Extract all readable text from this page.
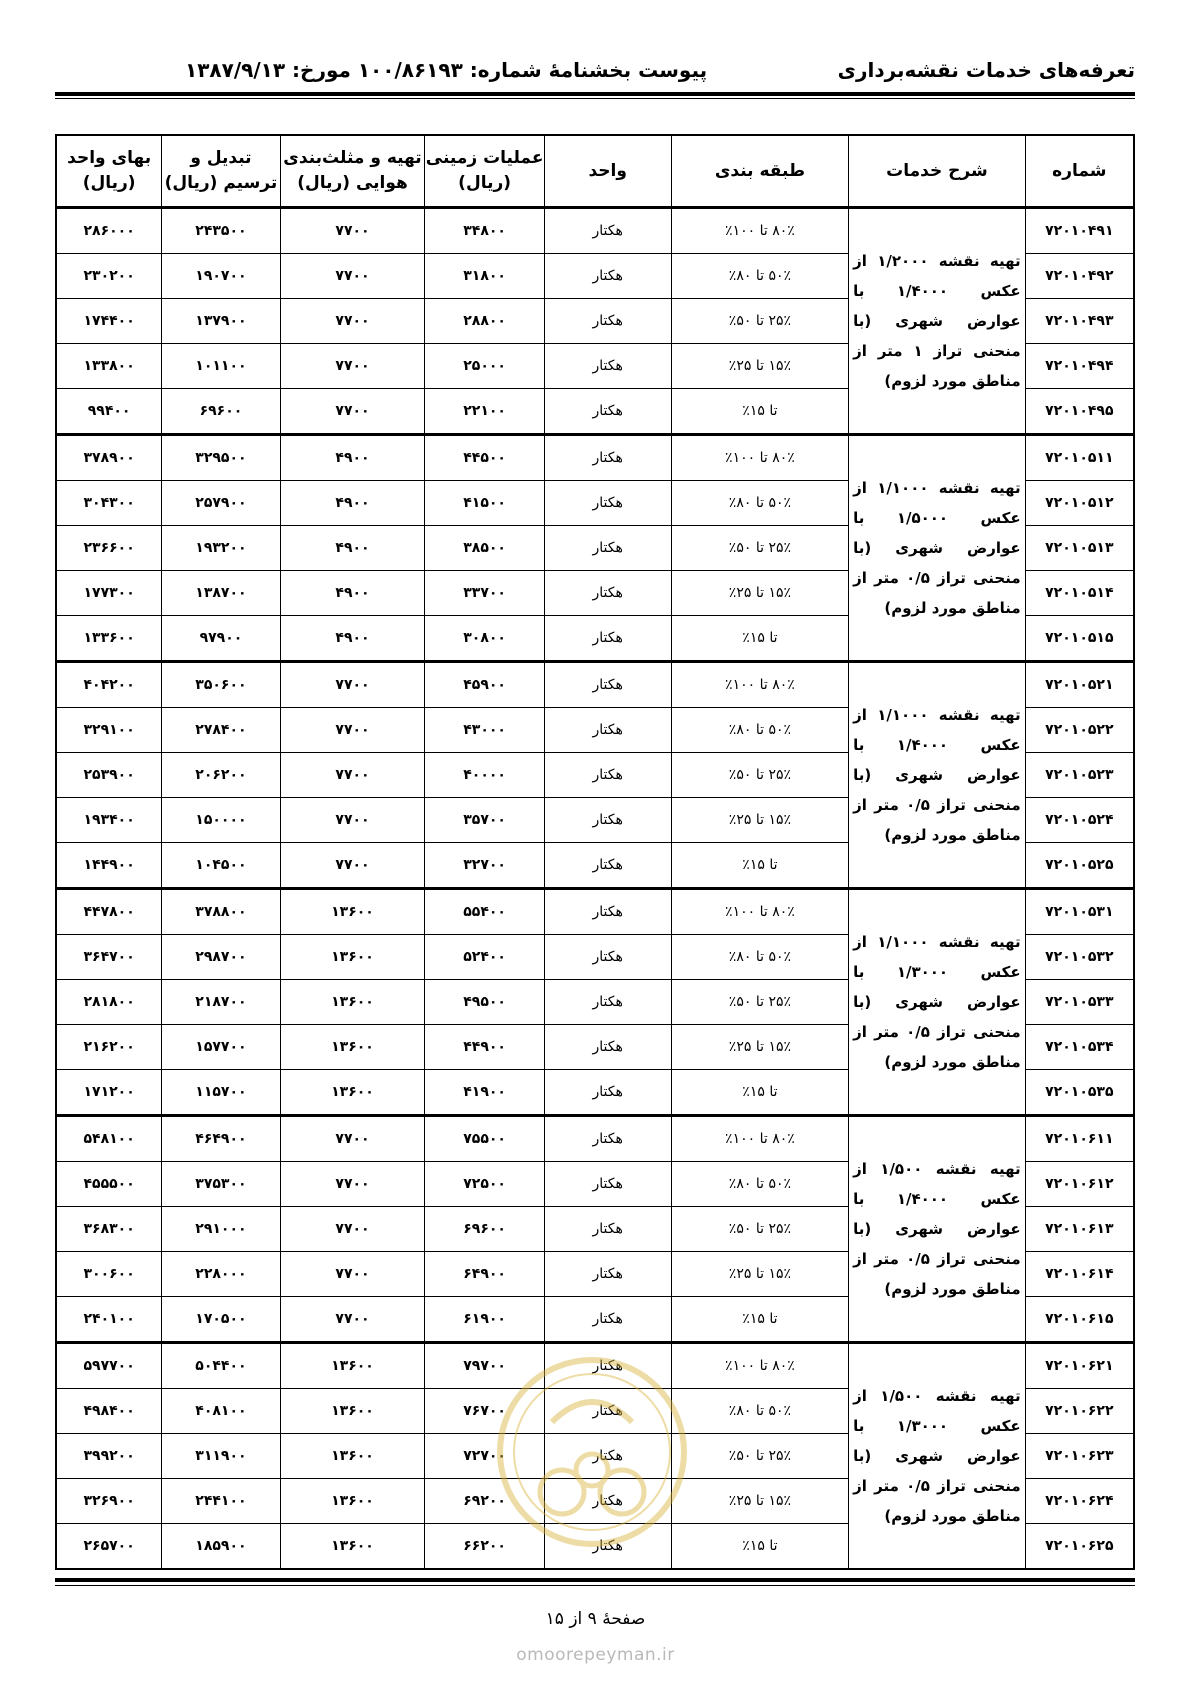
تعرفه‌های خدمات نقشه‌برداری
پیوست بخشنامهٔ شماره: ۱۰۰/۸۶۱۹۳ مورخ: ۱۳۸۷/۹/۱۳
شماره	شرح خدمات	طبقه بندی	واحد	عملیات زمینی (ریال)	تهیه و مثلث‌بندی هوایی (ریال)	تبدیل و ترسیم (ریال)	بهای واحد (ریال)
۷۲۰۱۰۴۹۱	تهیه نقشه ۱/۲۰۰۰ از عکس ۱/۴۰۰۰ با عوارض شهری (با منحنی تراز ۱ متر از مناطق مورد لزوم)	۸۰٪ تا ۱۰۰٪	هکتار	۳۴۸۰۰	۷۷۰۰	۲۴۳۵۰۰	۲۸۶۰۰۰
۷۲۰۱۰۴۹۲		۵۰٪ تا ۸۰٪	هکتار	۳۱۸۰۰	۷۷۰۰	۱۹۰۷۰۰	۲۳۰۲۰۰
۷۲۰۱۰۴۹۳		۲۵٪ تا ۵۰٪	هکتار	۲۸۸۰۰	۷۷۰۰	۱۳۷۹۰۰	۱۷۴۴۰۰
۷۲۰۱۰۴۹۴		۱۵٪ تا ۲۵٪	هکتار	۲۵۰۰۰	۷۷۰۰	۱۰۱۱۰۰	۱۳۳۸۰۰
۷۲۰۱۰۴۹۵		تا ۱۵٪	هکتار	۲۲۱۰۰	۷۷۰۰	۶۹۶۰۰	۹۹۴۰۰
۷۲۰۱۰۵۱۱	تهیه نقشه ۱/۱۰۰۰ از عکس ۱/۵۰۰۰ با عوارض شهری (با منحنی تراز ۰/۵ متر از مناطق مورد لزوم)	۸۰٪ تا ۱۰۰٪	هکتار	۴۴۵۰۰	۴۹۰۰	۳۲۹۵۰۰	۳۷۸۹۰۰
۷۲۰۱۰۵۱۲		۵۰٪ تا ۸۰٪	هکتار	۴۱۵۰۰	۴۹۰۰	۲۵۷۹۰۰	۳۰۴۳۰۰
۷۲۰۱۰۵۱۳		۲۵٪ تا ۵۰٪	هکتار	۳۸۵۰۰	۴۹۰۰	۱۹۳۲۰۰	۲۳۶۶۰۰
۷۲۰۱۰۵۱۴		۱۵٪ تا ۲۵٪	هکتار	۳۳۷۰۰	۴۹۰۰	۱۳۸۷۰۰	۱۷۷۳۰۰
۷۲۰۱۰۵۱۵		تا ۱۵٪	هکتار	۳۰۸۰۰	۴۹۰۰	۹۷۹۰۰	۱۳۳۶۰۰
۷۲۰۱۰۵۲۱	تهیه نقشه ۱/۱۰۰۰ از عکس ۱/۴۰۰۰ با عوارض شهری (با منحنی تراز ۰/۵ متر از مناطق مورد لزوم)	۸۰٪ تا ۱۰۰٪	هکتار	۴۵۹۰۰	۷۷۰۰	۳۵۰۶۰۰	۴۰۴۲۰۰
۷۲۰۱۰۵۲۲		۵۰٪ تا ۸۰٪	هکتار	۴۳۰۰۰	۷۷۰۰	۲۷۸۴۰۰	۳۲۹۱۰۰
۷۲۰۱۰۵۲۳		۲۵٪ تا ۵۰٪	هکتار	۴۰۰۰۰	۷۷۰۰	۲۰۶۲۰۰	۲۵۳۹۰۰
۷۲۰۱۰۵۲۴		۱۵٪ تا ۲۵٪	هکتار	۳۵۷۰۰	۷۷۰۰	۱۵۰۰۰۰	۱۹۳۴۰۰
۷۲۰۱۰۵۲۵		تا ۱۵٪	هکتار	۳۲۷۰۰	۷۷۰۰	۱۰۴۵۰۰	۱۴۴۹۰۰
۷۲۰۱۰۵۳۱	تهیه نقشه ۱/۱۰۰۰ از عکس ۱/۳۰۰۰ با عوارض شهری (با منحنی تراز ۰/۵ متر از مناطق مورد لزوم)	۸۰٪ تا ۱۰۰٪	هکتار	۵۵۴۰۰	۱۳۶۰۰	۳۷۸۸۰۰	۴۴۷۸۰۰
۷۲۰۱۰۵۳۲		۵۰٪ تا ۸۰٪	هکتار	۵۲۴۰۰	۱۳۶۰۰	۲۹۸۷۰۰	۳۶۴۷۰۰
۷۲۰۱۰۵۳۳		۲۵٪ تا ۵۰٪	هکتار	۴۹۵۰۰	۱۳۶۰۰	۲۱۸۷۰۰	۲۸۱۸۰۰
۷۲۰۱۰۵۳۴		۱۵٪ تا ۲۵٪	هکتار	۴۴۹۰۰	۱۳۶۰۰	۱۵۷۷۰۰	۲۱۶۲۰۰
۷۲۰۱۰۵۳۵		تا ۱۵٪	هکتار	۴۱۹۰۰	۱۳۶۰۰	۱۱۵۷۰۰	۱۷۱۲۰۰
۷۲۰۱۰۶۱۱	تهیه نقشه ۱/۵۰۰ از عکس ۱/۴۰۰۰ با عوارض شهری (با منحنی تراز ۰/۵ متر از مناطق مورد لزوم)	۸۰٪ تا ۱۰۰٪	هکتار	۷۵۵۰۰	۷۷۰۰	۴۶۴۹۰۰	۵۴۸۱۰۰
۷۲۰۱۰۶۱۲		۵۰٪ تا ۸۰٪	هکتار	۷۲۵۰۰	۷۷۰۰	۳۷۵۳۰۰	۴۵۵۵۰۰
۷۲۰۱۰۶۱۳		۲۵٪ تا ۵۰٪	هکتار	۶۹۶۰۰	۷۷۰۰	۲۹۱۰۰۰	۳۶۸۳۰۰
۷۲۰۱۰۶۱۴		۱۵٪ تا ۲۵٪	هکتار	۶۴۹۰۰	۷۷۰۰	۲۲۸۰۰۰	۳۰۰۶۰۰
۷۲۰۱۰۶۱۵		تا ۱۵٪	هکتار	۶۱۹۰۰	۷۷۰۰	۱۷۰۵۰۰	۲۴۰۱۰۰
۷۲۰۱۰۶۲۱	تهیه نقشه ۱/۵۰۰ از عکس ۱/۳۰۰۰ با عوارض شهری (با منحنی تراز ۰/۵ متر از مناطق مورد لزوم)	۸۰٪ تا ۱۰۰٪	هکتار	۷۹۷۰۰	۱۳۶۰۰	۵۰۴۴۰۰	۵۹۷۷۰۰
۷۲۰۱۰۶۲۲		۵۰٪ تا ۸۰٪	هکتار	۷۶۷۰۰	۱۳۶۰۰	۴۰۸۱۰۰	۴۹۸۴۰۰
۷۲۰۱۰۶۲۳		۲۵٪ تا ۵۰٪	هکتار	۷۲۷۰۰	۱۳۶۰۰	۳۱۱۹۰۰	۳۹۹۲۰۰
۷۲۰۱۰۶۲۴		۱۵٪ تا ۲۵٪	هکتار	۶۹۲۰۰	۱۳۶۰۰	۲۴۴۱۰۰	۳۲۶۹۰۰
۷۲۰۱۰۶۲۵		تا ۱۵٪	هکتار	۶۶۲۰۰	۱۳۶۰۰	۱۸۵۹۰۰	۲۶۵۷۰۰
صفحهٔ ۹ از ۱۵
omoorepeyman.ir
